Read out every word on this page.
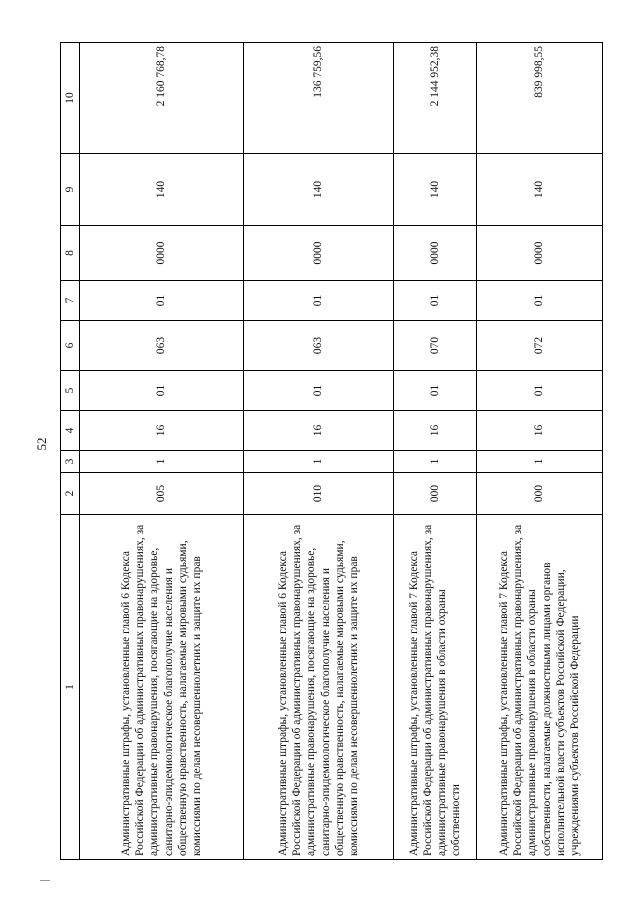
52
1	2	3	4	5	6	7	8	9	10
Административные штрафы, установленные главой 6 Кодекса Российской Федерации об административных правонарушениях, за административные правонарушения, посягающие на здоровье, санитарно-эпидемиологическое благополучие населения и общественную нравственность, налагаемые мировыми судьями, комиссиями по делам несовершеннолетних и защите их прав	005	1	16	01	063	01	0000	140	2 160 768,78
Административные штрафы, установленные главой 6 Кодекса Российской Федерации об административных правонарушениях, за административные правонарушения, посягающие на здоровье, санитарно-эпидемиологическое благополучие населения и общественную нравственность, налагаемые мировыми судьями, комиссиями по делам несовершеннолетних и защите их прав	010	1	16	01	063	01	0000	140	136 759,56
Административные штрафы, установленные главой 7 Кодекса Российской Федерации об административных правонарушениях, за административные правонарушения в области охраны собственности	000	1	16	01	070	01	0000	140	2 144 952,38
Административные штрафы, установленные главой 7 Кодекса Российской Федерации об административных правонарушениях, за административные правонарушения в области охраны собственности, налагаемые должностными лицами органов исполнительной власти субъектов Российской Федерации, учреждениями субъектов Российской Федерации	000	1	16	01	072	01	0000	140	839 998,55
